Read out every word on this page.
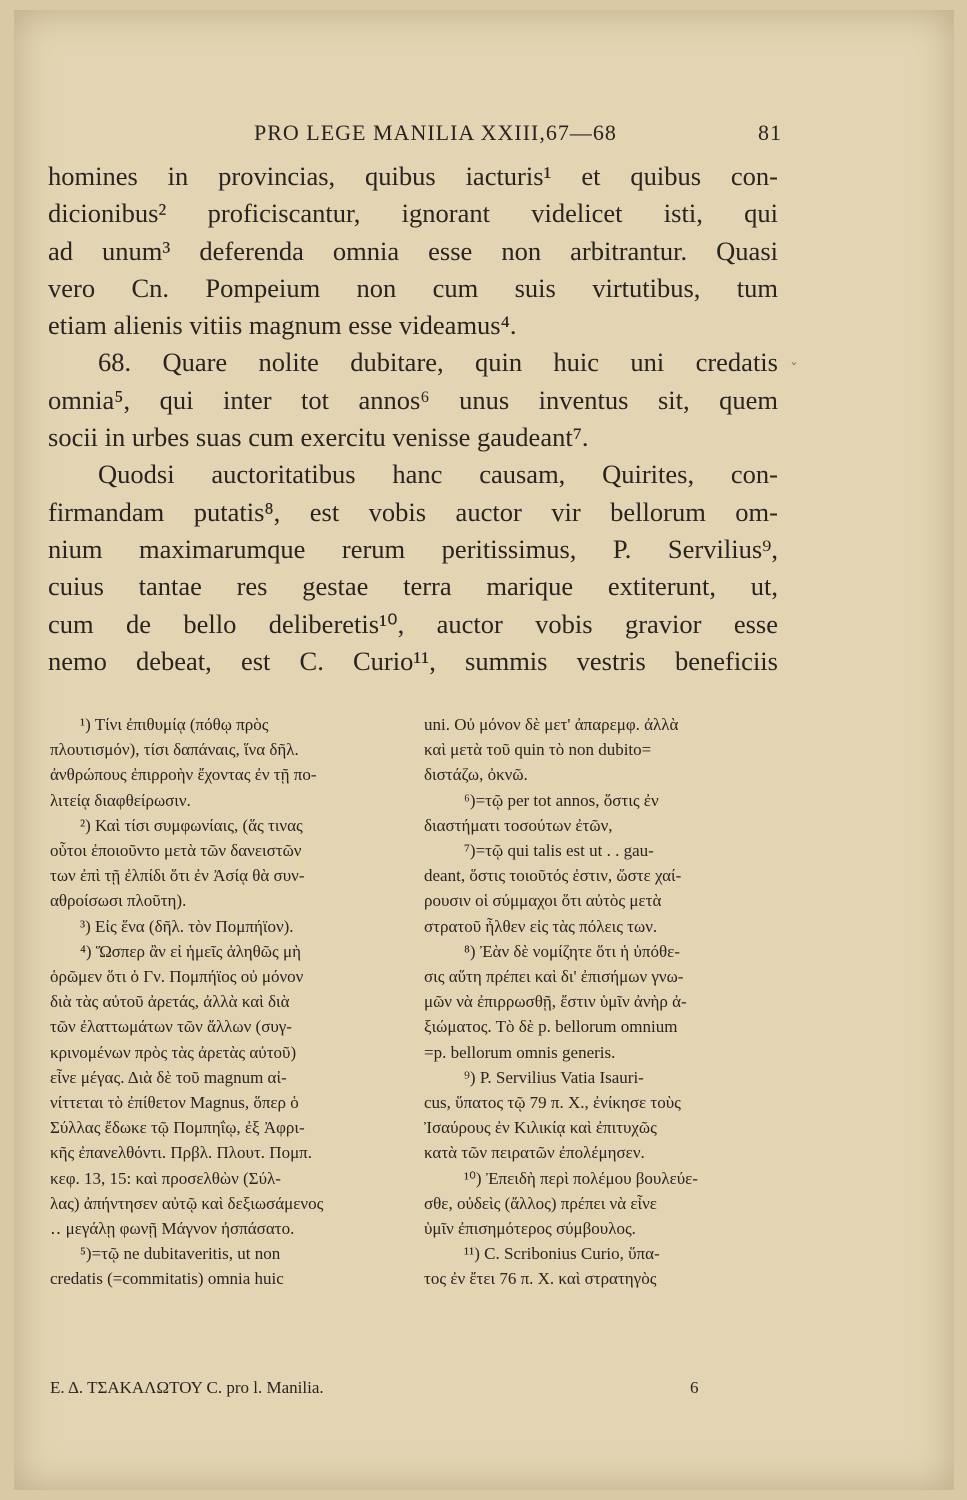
PRO LEGE MANILIA XXIII,67—68	81
homines in provincias, quibus iacturis¹ et quibus con-
dicionibus² proficiscantur, ignorant videlicet isti, qui
ad unum³ deferenda omnia esse non arbitrantur. Quasi
vero Cn. Pompeium non cum suis virtutibus, tum
etiam alienis vitiis magnum esse videamus⁴.
68. Quare nolite dubitare, quin huic uni credatis
omnia⁵, qui inter tot annos⁶ unus inventus sit, quem
socii in urbes suas cum exercitu venisse gaudeant⁷.
Quodsi auctoritatibus hanc causam, Quirites, con-
firmandam putatis⁸, est vobis auctor vir bellorum om-
nium maximarumque rerum peritissimus, P. Servilius⁹,
cuius tantae res gestae terra marique extiterunt, ut,
cum de bello deliberetis¹⁰, auctor vobis gravior esse
nemo debeat, est C. Curio¹¹, summis vestris beneficiis
ˇ
¹) Τίνι ἐπιθυμίᾳ (πόθῳ πρὸς
πλουτισμόν), τίσι δαπάναις, ἵνα δῆλ.
ἀνθρώπους ἐπιρροὴν ἔχοντας ἐν τῇ πο-
λιτείᾳ διαφθείρωσιν.
²) Καὶ τίσι συμφωνίαις, (ἅς τινας
οὗτοι ἐποιοῦντο μετὰ τῶν δανειστῶν
των ἐπὶ τῇ ἐλπίδι ὅτι ἐν Ἀσίᾳ θὰ συν-
αθροίσωσι πλοῦτη).
³) Εἰς ἕνα (δῆλ. τὸν Πομπήϊον).
⁴) Ὥσπερ ἂν εἰ ἡμεῖς ἀληθῶς μὴ
ὁρῶμεν ὅτι ὁ Γν. Πομπήϊος οὐ μόνον
διὰ τὰς αὐτοῦ ἀρετάς, ἀλλὰ καὶ διὰ
τῶν ἐλαττωμάτων τῶν ἄλλων (συγ-
κρινομένων πρὸς τὰς ἀρετὰς αὐτοῦ)
εἶνε μέγας. Διὰ δὲ τοῦ magnum αἰ-
νίττεται τὸ ἐπίθετον Magnus, ὅπερ ὁ
Σύλλας ἔδωκε τῷ Πομπηΐῳ, ἐξ Ἀφρι-
κῆς ἐπανελθόντι. Πρβλ. Πλουτ. Πομπ.
κεφ. 13, 15: καὶ προσελθὼν (Σύλ-
λας) ἀπήντησεν αὐτῷ καὶ δεξιωσάμενος
‥ μεγάλῃ φωνῇ Μάγνον ἠσπάσατο.
⁵)=τῷ ne dubitaveritis, ut non
credatis (=commitatis) omnia huic
uni. Οὐ μόνον δὲ μετ' ἀπαρεμφ. ἀλλὰ
καὶ μετὰ τοῦ quin τὸ non dubito=
διστάζω, ὀκνῶ.
⁶)=τῷ per tot annos, ὅστις ἐν
διαστήματι τοσούτων ἐτῶν,
⁷)=τῷ qui talis est ut . . gau-
deant, ὅστις τοιοῦτός ἐστιν, ὥστε χαί-
ρουσιν οἱ σύμμαχοι ὅτι αὐτὸς μετὰ
στρατοῦ ἦλθεν εἰς τὰς πόλεις των.
⁸) Ἐὰν δὲ νομίζητε ὅτι ἡ ὑπόθε-
σις αὕτη πρέπει καὶ δι' ἐπισήμων γνω-
μῶν νὰ ἐπιρρωσθῇ, ἔστιν ὑμῖν ἀνὴρ ἀ-
ξιώματος. Τὸ δὲ p. bellorum omnium
=p. bellorum omnis generis.
⁹) P. Servilius Vatia Isauri-
cus, ὕπατος τῷ 79 π. Χ., ἐνίκησε τοὺς
Ἰσαύρους ἐν Κιλικίᾳ καὶ ἐπιτυχῶς
κατὰ τῶν πειρατῶν ἐπολέμησεν.
¹⁰) Ἐπειδὴ περὶ πολέμου βουλεύε-
σθε, οὐδεὶς (ἄλλος) πρέπει νὰ εἶνε
ὑμῖν ἐπισημότερος σύμβουλος.
¹¹) C. Scribonius Curio, ὕπα-
τος ἐν ἔτει 76 π. Χ. καὶ στρατηγὸς
Ε. Δ. ΤΣΑΚΑΛΩΤΟΥ C. pro l. Manilia.	6
